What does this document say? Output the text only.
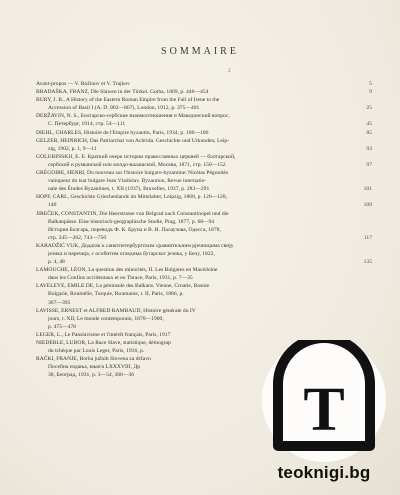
SOMMAIRE
2
Avant-propos — V. Božinov et V. Trajkov	5
BRADAŠKA, FRANZ, Die Slawen in der Türkei. Gotha, 1869, p. 446—454	9
BURY, J. B., A History of the Eastern Roman Empire from the Fall of Irene to the
Accession of Basil I (A. D. 802—867), London, 1912, p. 375—401	25
DERŽAVIN, N. S., Болгарско-сербские взаимоотношения и Македонский вопрос,
С. Петербург, 1914, стр. 54—111	45
DIEHL, CHARLES, Histoire de l'Empire byzantin, Paris, 1934, p. 100—106	85
GELZER, HEINRICH, Das Patriarchat von Achrida. Geschichte und Urkunden, Leip-
zig, 1902, p. 1, 9—11	93
GOLUBINSKIJ, Е. Е. Краткий очерк истории православных церквей — болгарской,
сербской и румынской или молдо-валашской, Москва, 1871, стр. 150—152	97
GRÉGOIRE, HENRI, Du nouveau sur l'histoire bulgaro-byzantine: Nicétas Pégonitès
vainqueur du tsar bulgare Jean Vladislav. Byzantion, Revue internatio-
nale des Études Byzantines, t. XII (1937), Bruxelles, 1937, p. 283—291	101
HOPF, CARL, Geschichte Griechenlands im Mittelalter, Leipzig, 1868, p. 126—128,
140	109
JIREČEK, CONSTANTIN, Die Heerstrasse von Belgrad nach Constantinopel und die
Balkanpässe. Eine historisch-geographische Studie, Prag, 1877, p. 68—94
История Болгарь, переводъ Ф. К. Бруна и В. Н. Палаузова, Одесса, 1878,
стр. 245—262, 743—750	117
KARADŽIĆ VUK, Додатак к санктпетербургским сравнитељним рјечницима свију
језика и наречија, с особитим огледима бугарског језика, у Бечу, 1822,
р. 4, 48	135
LAMOUCHE, LÉON, La question des minorités, II. Les Bulgares en Macédoine
dans les Confins occidentaux et en Thrace, Paris, 1931, p. 7—35
LAVELEYE, EMILE DE, La péninsule des Balkans. Vienne, Croatie, Bosnie
Bulgarie, Roumélie, Turquie, Roumanie, t. II, Paris, 1886, p.
367—395
LAVISSE, ERNEST et ALFRED RAMBAUD, Histoire générale du IV
jours, t. XII, Le monde contemporain, 1870—1900,
p. 475—478
LEGER, L., Le Panslavisme et l'intérêt français, Paris, 1917
NIEDERLE, LUBOR, La Race Slave, statistique, démograp
du tchèque par Louis Leger, Paris, 1916, p.
RAČKI, FRANJE, Borba južnih Slovena za državn
Посебна издања, књига LXXXVIII, Др
38, Београд, 1931, р. 3—54, 360—36
T
teoknigi.bg
